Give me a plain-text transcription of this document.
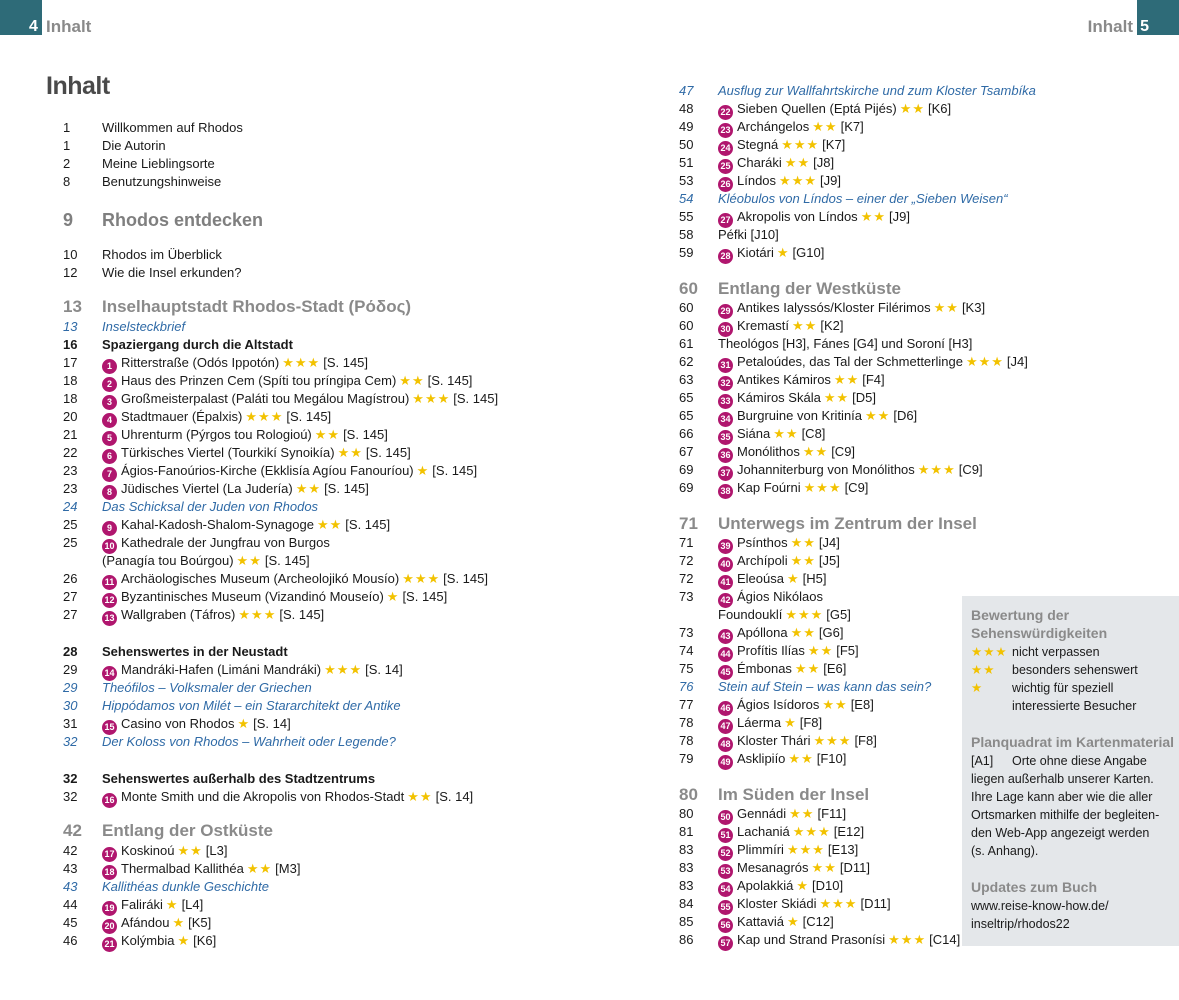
4 Inhalt	Inhalt 5
Inhalt
1	Willkommen auf Rhodos
1	Die Autorin
2	Meine Lieblingsorte
8	Benutzungshinweise
9	Rhodos entdecken
10	Rhodos im Überblick
12	Wie die Insel erkunden?
13	Inselhauptstadt Rhodos-Stadt (Ρόδος)
13	Inselsteckbrief
16	Spaziergang durch die Altstadt
17	1 Ritterstraße (Odós Ippotón) ★★★ [S. 145]
18	2 Haus des Prinzen Cem (Spíti tou príngipa Cem) ★★ [S. 145]
18	3 Großmeisterpalast (Paláti tou Megálou Magístrou) ★★★ [S. 145]
20	4 Stadtmauer (Épalxis) ★★★ [S. 145]
21	5 Uhrenturm (Pýrgos tou Rologioú) ★★ [S. 145]
22	6 Türkisches Viertel (Tourkikí Synoikía) ★★ [S. 145]
23	7 Ágios-Fanoúrios-Kirche (Ekklisía Agíou Fanouríou) ★ [S. 145]
23	8 Jüdisches Viertel (La Judería) ★★ [S. 145]
24	Das Schicksal der Juden von Rhodos
25	9 Kahal-Kadosh-Shalom-Synagoge ★★ [S. 145]
25	10 Kathedrale der Jungfrau von Burgos
(Panagía tou Boúrgou) ★★ [S. 145]
26	11 Archäologisches Museum (Archeolojikó Mousío) ★★★ [S. 145]
27	12 Byzantinisches Museum (Vizandinó Mouseío) ★ [S. 145]
27	13 Wallgraben (Táfros) ★★★ [S. 145]
28	Sehenswertes in der Neustadt
29	14 Mandráki-Hafen (Limáni Mandráki) ★★★ [S. 14]
29	Theófilos – Volksmaler der Griechen
30	Hippódamos von Milét – ein Stararchitekt der Antike
31	15 Casino von Rhodos ★ [S. 14]
32	Der Koloss von Rhodos – Wahrheit oder Legende?
32	Sehenswertes außerhalb des Stadtzentrums
32	16 Monte Smith und die Akropolis von Rhodos-Stadt ★★ [S. 14]
42	Entlang der Ostküste
42	17 Koskinoú ★★ [L3]
43	18 Thermalbad Kallithéa ★★ [M3]
43	Kallithéas dunkle Geschichte
44	19 Faliráki ★ [L4]
45	20 Afándou ★ [K5]
46	21 Kolýmbia ★ [K6]
47	Ausflug zur Wallfahrtskirche und zum Kloster Tsambíka
48	22 Sieben Quellen (Eptá Pijés) ★★ [K6]
49	23 Archángelos ★★ [K7]
50	24 Stegná ★★★ [K7]
51	25 Charáki ★★ [J8]
53	26 Líndos ★★★ [J9]
54	Kléobulos von Líndos – einer der „Sieben Weisen“
55	27 Akropolis von Líndos ★★ [J9]
58	Péfki [J10]
59	28 Kiotári ★ [G10]
60	Entlang der Westküste
60	29 Antikes Ialyssós/Kloster Filérimos ★★ [K3]
60	30 Kremastí ★★ [K2]
61	Theológos [H3], Fánes [G4] und Soroní [H3]
62	31 Petaloúdes, das Tal der Schmetterlinge ★★★ [J4]
63	32 Antikes Kámiros ★★ [F4]
65	33 Kámiros Skála ★★ [D5]
65	34 Burgruine von Kritinía ★★ [D6]
66	35 Siána ★★ [C8]
67	36 Monólithos ★★ [C9]
69	37 Johanniterburg von Monólithos ★★★ [C9]
69	38 Kap Foúrni ★★★ [C9]
71	Unterwegs im Zentrum der Insel
71	39 Psínthos ★★ [J4]
72	40 Archípoli ★★ [J5]
72	41 Eleoúsa ★ [H5]
73	42 Ágios Nikólaos
Foundouklí ★★★ [G5]
73	43 Apóllona ★★ [G6]
74	44 Profítis Ilías ★★ [F5]
75	45 Émbonas ★★ [E6]
76	Stein auf Stein – was kann das sein?
77	46 Ágios Isídoros ★★ [E8]
78	47 Láerma ★ [F8]
78	48 Kloster Thári ★★★ [F8]
79	49 Asklipiío ★★ [F10]
80	Im Süden der Insel
80	50 Gennádi ★★ [F11]
81	51 Lachaniá ★★★ [E12]
83	52 Plimmíri ★★★ [E13]
83	53 Mesanagrós ★★ [D11]
83	54 Apolakkiá ★ [D10]
84	55 Kloster Skiádi ★★★ [D11]
85	56 Kattaviá ★ [C12]
86	57 Kap und Strand Prasonísi ★★★ [C14]
Bewertung der
Sehenswürdigkeiten
★★★ nicht verpassen
★★ besonders sehenswert
★ wichtig für speziell
interessierte Besucher
Planquadrat im Kartenmaterial
[A1] Orte ohne diese Angabe
liegen außerhalb unserer Karten.
Ihre Lage kann aber wie die aller
Ortsmarken mithilfe der begleiten-
den Web-App angezeigt werden
(s. Anhang).
Updates zum Buch
www.reise-know-how.de/
inseltrip/rhodos22
